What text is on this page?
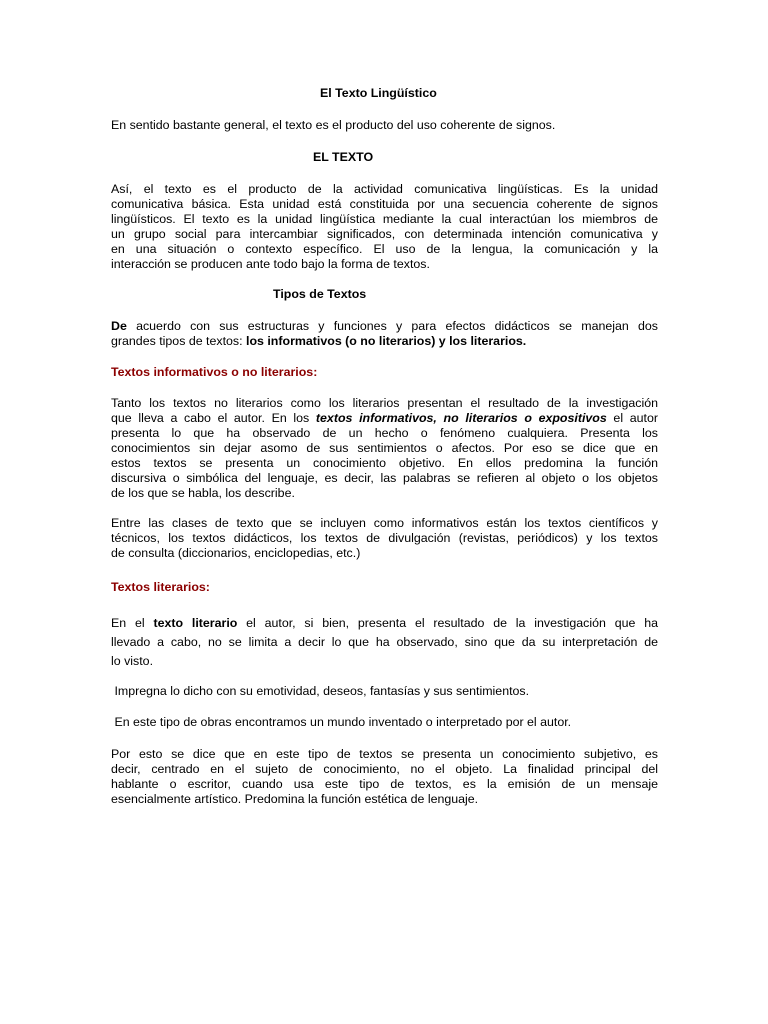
El Texto Lingüístico
En sentido bastante general, el texto es el producto del uso coherente de signos.
EL TEXTO
Así, el texto es el producto de la actividad comunicativa lingüísticas. Es la unidad
comunicativa básica. Esta unidad está constituida por una secuencia coherente de signos
lingüísticos. El texto es la unidad lingüística mediante la cual interactúan los miembros de
un grupo social para intercambiar significados, con determinada intención comunicativa y
en una situación o contexto específico. El uso de la lengua, la comunicación y la
interacción se producen ante todo bajo la forma de textos.
Tipos de Textos
De acuerdo con sus estructuras y funciones y para efectos didácticos se manejan dos
grandes tipos de textos: los informativos (o no literarios) y los literarios.
Textos informativos o no literarios:
Tanto los textos no literarios como los literarios presentan el resultado de la investigación
que lleva a cabo el autor. En los textos informativos, no literarios o expositivos el autor
presenta lo que ha observado de un hecho o fenómeno cualquiera. Presenta los
conocimientos sin dejar asomo de sus sentimientos o afectos. Por eso se dice que en
estos textos se presenta un conocimiento objetivo. En ellos predomina la función
discursiva o simbólica del lenguaje, es decir, las palabras se refieren al objeto o los objetos
de los que se habla, los describe.
Entre las clases de texto que se incluyen como informativos están los textos científicos y
técnicos, los textos didácticos, los textos de divulgación (revistas, periódicos) y los textos
de consulta (diccionarios, enciclopedias, etc.)
Textos literarios:
En el texto literario el autor, si bien, presenta el resultado de la investigación que ha
llevado a cabo, no se limita a decir lo que ha observado, sino que da su interpretación de
lo visto.
Impregna lo dicho con su emotividad, deseos, fantasías y sus sentimientos.
En este tipo de obras encontramos un mundo inventado o interpretado por el autor.
Por esto se dice que en este tipo de textos se presenta un conocimiento subjetivo, es
decir, centrado en el sujeto de conocimiento, no el objeto. La finalidad principal del
hablante o escritor, cuando usa este tipo de textos, es la emisión de un mensaje
esencialmente artístico. Predomina la función estética de lenguaje.
